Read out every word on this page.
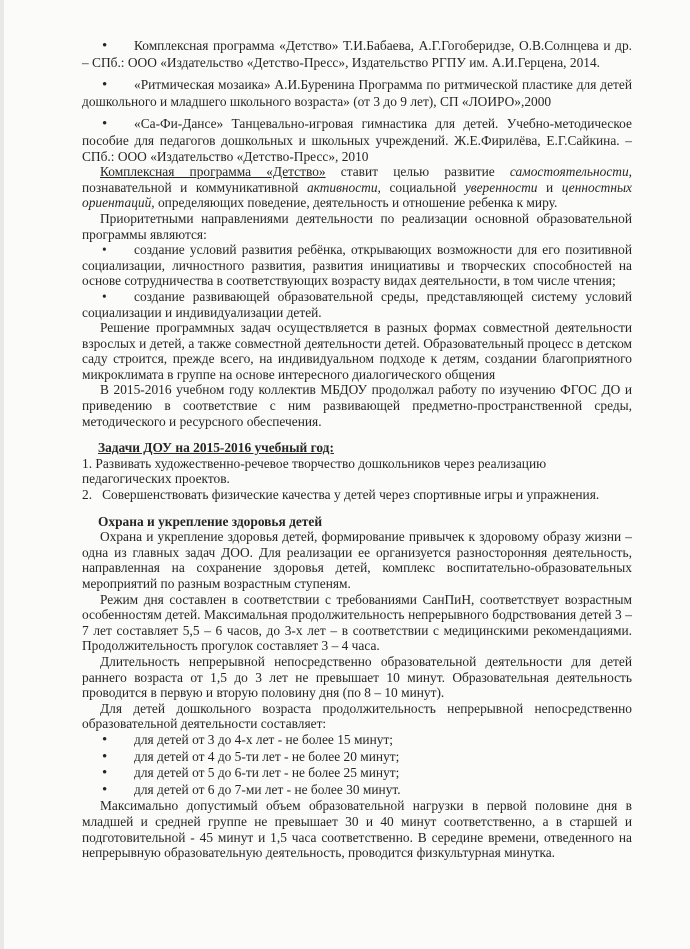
• Комплексная программа «Детство» Т.И.Бабаева, А.Г.Гогоберидзе, О.В.Солнцева и др. – СПб.: ООО «Издательство «Детство-Пресс», Издательство РГПУ им. А.И.Герцена, 2014.

• «Ритмическая мозаика» А.И.Буренина Программа по ритмической пластике для детей дошкольного и младшего школьного возраста» (от 3 до 9 лет), СП «ЛОИРО»,2000

• «Са-Фи-Дансе» Танцевально-игровая гимнастика для детей. Учебно-методическое пособие для педагогов дошкольных и школьных учреждений. Ж.Е.Фирилёва, Е.Г.Сайкина. – СПб.: ООО «Издательство «Детство-Пресс», 2010

Комплексная программа «Детство» ставит целью развитие самостоятельности, познавательной и коммуникативной активности, социальной уверенности и ценностных ориентаций, определяющих поведение, деятельность и отношение ребенка к миру.

Приоритетными направлениями деятельности по реализации основной образовательной программы являются:

• создание условий развития ребёнка, открывающих возможности для его позитивной социализации, личностного развития, развития инициативы и творческих способностей на основе сотрудничества в соответствующих возрасту видах деятельности, в том числе чтения;

• создание развивающей образовательной среды, представляющей систему условий социализации и индивидуализации детей.

Решение программных задач осуществляется в разных формах совместной деятельности взрослых и детей, а также совместной деятельности детей. Образовательный процесс в детском саду строится, прежде всего, на индивидуальном подходе к детям, создании благоприятного микроклимата в группе на основе интересного диалогического общения

В 2015-2016 учебном году коллектив МБДОУ продолжал работу по изучению ФГОС ДО и приведению в соответствие с ним развивающей предметно-пространственной среды, методического и ресурсного обеспечения.

Задачи ДОУ на 2015-2016 учебный год:

1. Развивать художественно-речевое творчество дошкольников через реализацию педагогических проектов.

2. Совершенствовать физические качества у детей через спортивные игры и упражнения.

Охрана и укрепление здоровья детей

Охрана и укрепление здоровья детей, формирование привычек к здоровому образу жизни – одна из главных задач ДОО. Для реализации ее организуется разносторонняя деятельность, направленная на сохранение здоровья детей, комплекс воспитательно-образовательных мероприятий по разным возрастным ступеням.

Режим дня составлен в соответствии с требованиями СанПиН, соответствует возрастным особенностям детей. Максимальная продолжительность непрерывного бодрствования детей 3 – 7 лет составляет 5,5 – 6 часов, до 3-х лет – в соответствии с медицинскими рекомендациями. Продолжительность прогулок составляет 3 – 4 часа.

Длительность непрерывной непосредственно образовательной деятельности для детей раннего возраста от 1,5 до 3 лет не превышает 10 минут. Образовательная деятельность проводится в первую и вторую половину дня (по 8 – 10 минут).

Для детей дошкольного возраста продолжительность непрерывной непосредственно образовательной деятельности составляет:

• для детей от 3 до 4-х лет - не более 15 минут;

• для детей от 4 до 5-ти лет - не более 20 минут;

• для детей от 5 до 6-ти лет - не более 25 минут;

• для детей от 6 до 7-ми лет - не более 30 минут.

Максимально допустимый объем образовательной нагрузки в первой половине дня в младшей и средней группе не превышает 30 и 40 минут соответственно, а в старшей и подготовительной - 45 минут и 1,5 часа соответственно. В середине времени, отведенного на непрерывную образовательную деятельность, проводится физкультурная минутка.
